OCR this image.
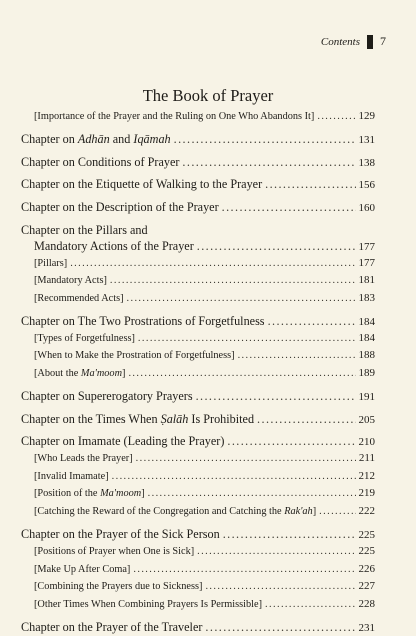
Contents 7
The Book of Prayer
[Importance of the Prayer and the Ruling on One Who Abandons It] .....	129
Chapter on Adhān and Iqāmah .....	131
Chapter on Conditions of Prayer .....	138
Chapter on the Etiquette of Walking to the Prayer .....	156
Chapter on the Description of the Prayer .....	160
Chapter on the Pillars and
Mandatory Actions of the Prayer .....	177
[Pillars] .....	177
[Mandatory Acts] .....	181
[Recommended Acts] .....	183
Chapter on The Two Prostrations of Forgetfulness .....	184
[Types of Forgetfulness] .....	184
[When to Make the Prostration of Forgetfulness] .....	188
[About the Ma'moom] .....	189
Chapter on Supererogatory Prayers .....	191
Chapter on the Times When Ṣalāh Is Prohibited .....	205
Chapter on Imamate (Leading the Prayer) .....	210
[Who Leads the Prayer] .....	211
[Invalid Imamate] .....	212
[Position of the Ma'moom] .....	219
[Catching the Reward of the Congregation and Catching the Rak'ah] .....	222
Chapter on the Prayer of the Sick Person .....	225
[Positions of Prayer when One is Sick] .....	225
[Make Up After Coma] .....	226
[Combining the Prayers due to Sickness] .....	227
[Other Times When Combining Prayers Is Permissible] .....	228
Chapter on the Prayer of the Traveler .....	231
